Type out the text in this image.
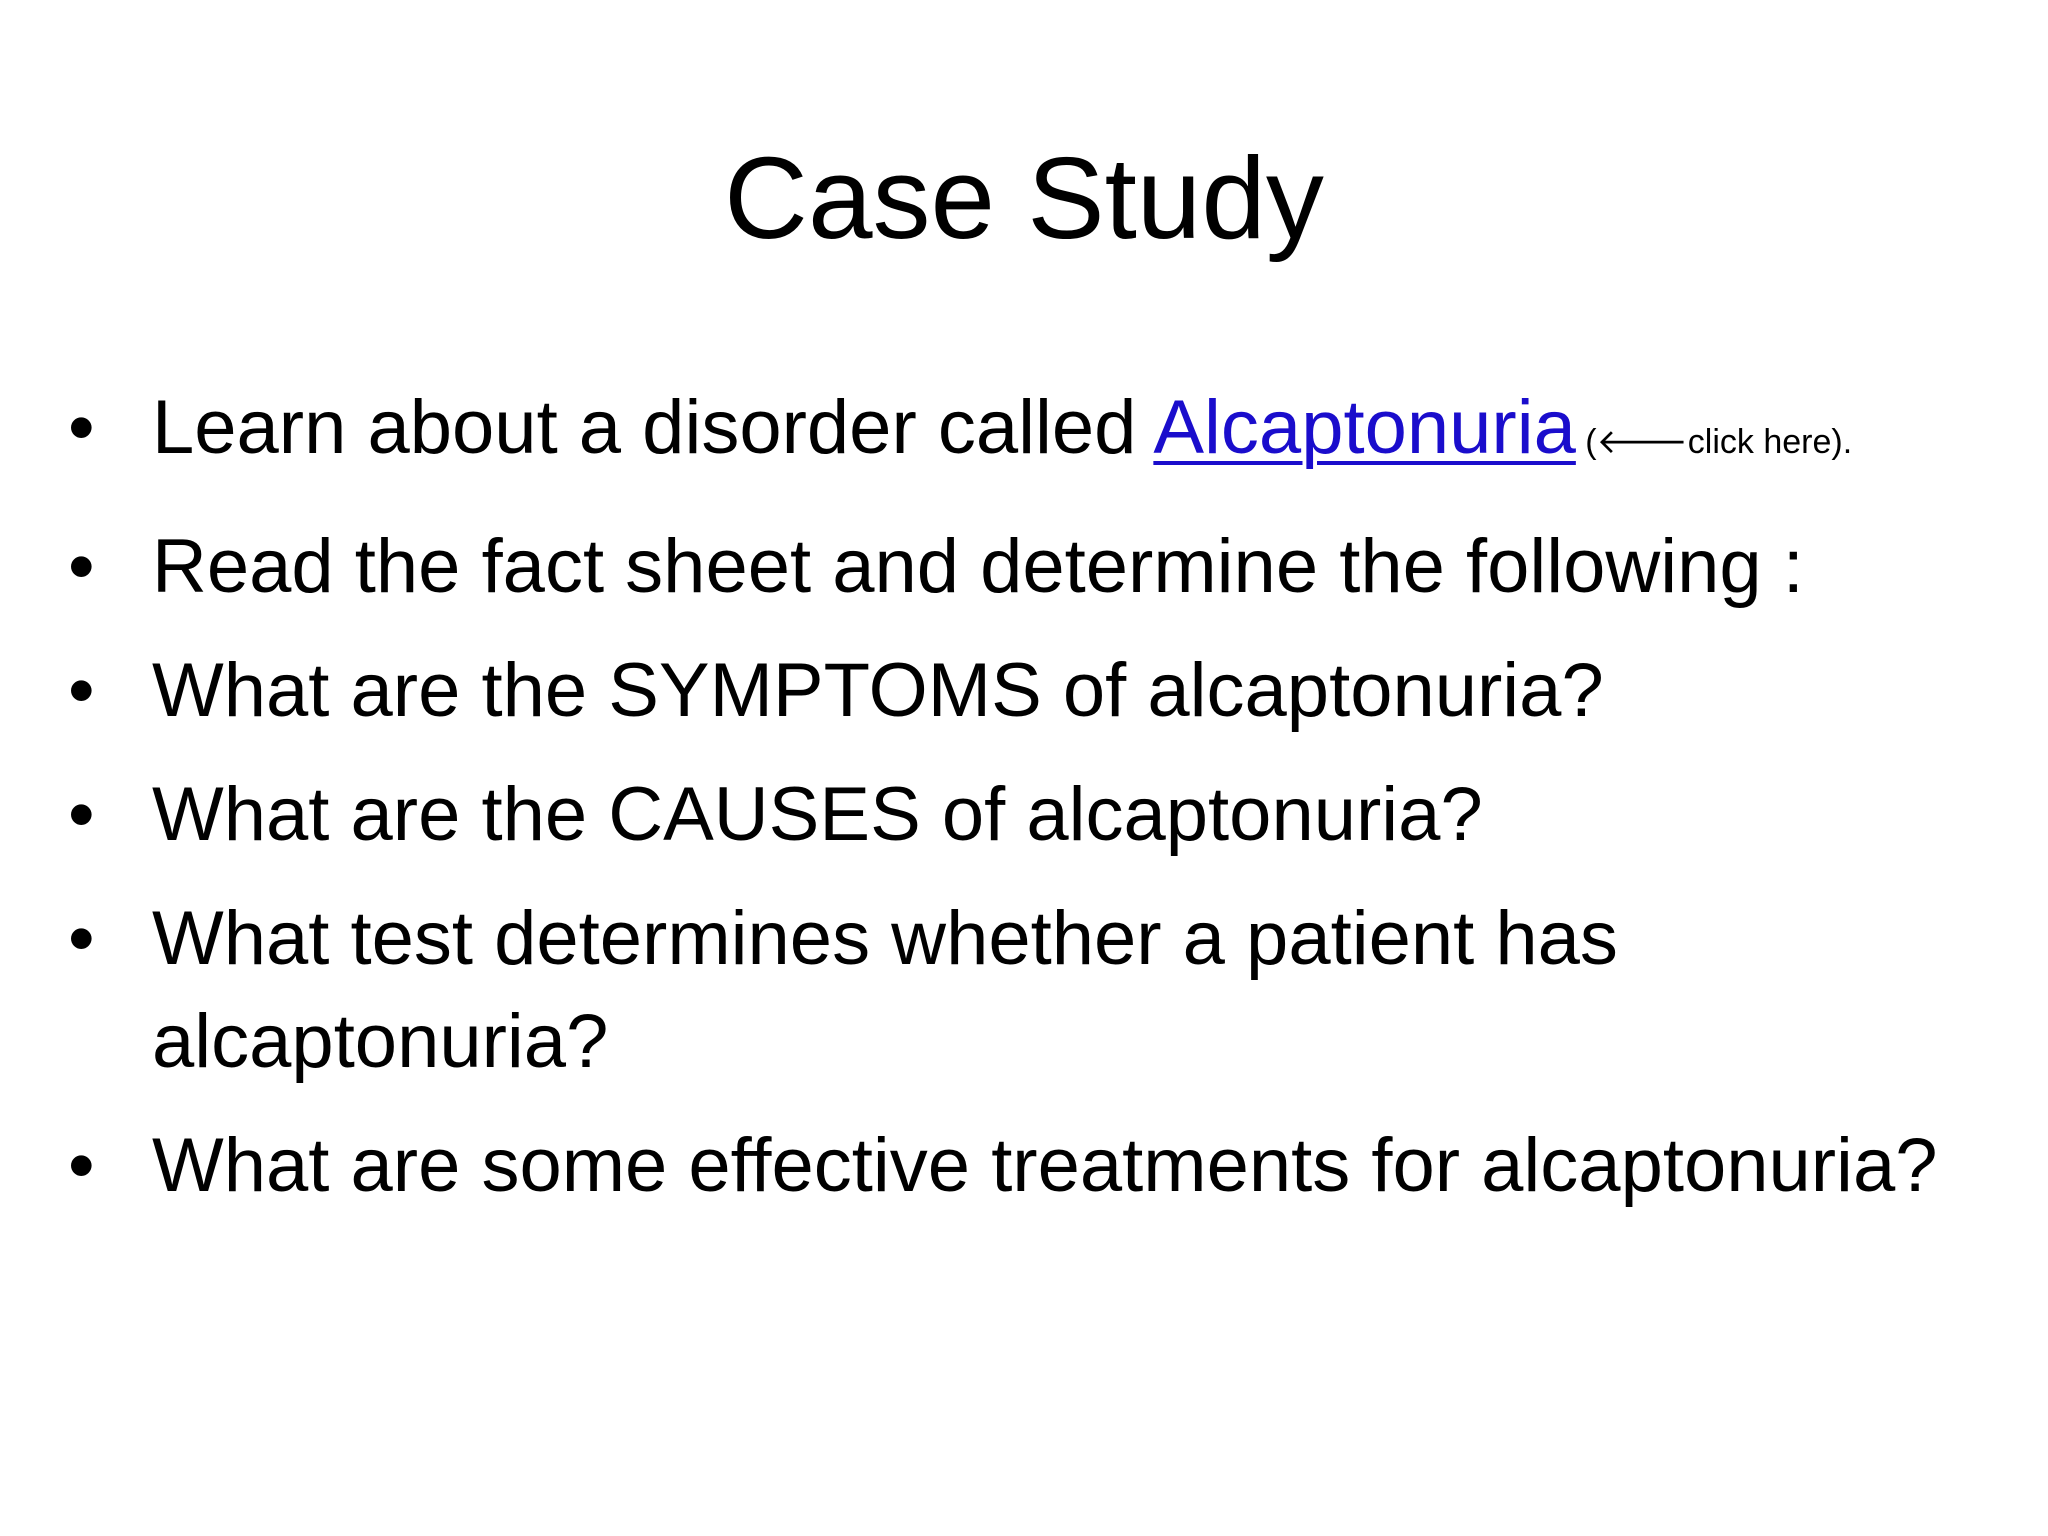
Case Study
• Learn about a disorder called Alcaptonuria (🡐click here).
• Read the fact sheet and determine the following :
• What are the SYMPTOMS of alcaptonuria?
• What are the CAUSES of alcaptonuria?
• What test determines whether a patient has alcaptonuria?
• What are some effective treatments for alcaptonuria?
